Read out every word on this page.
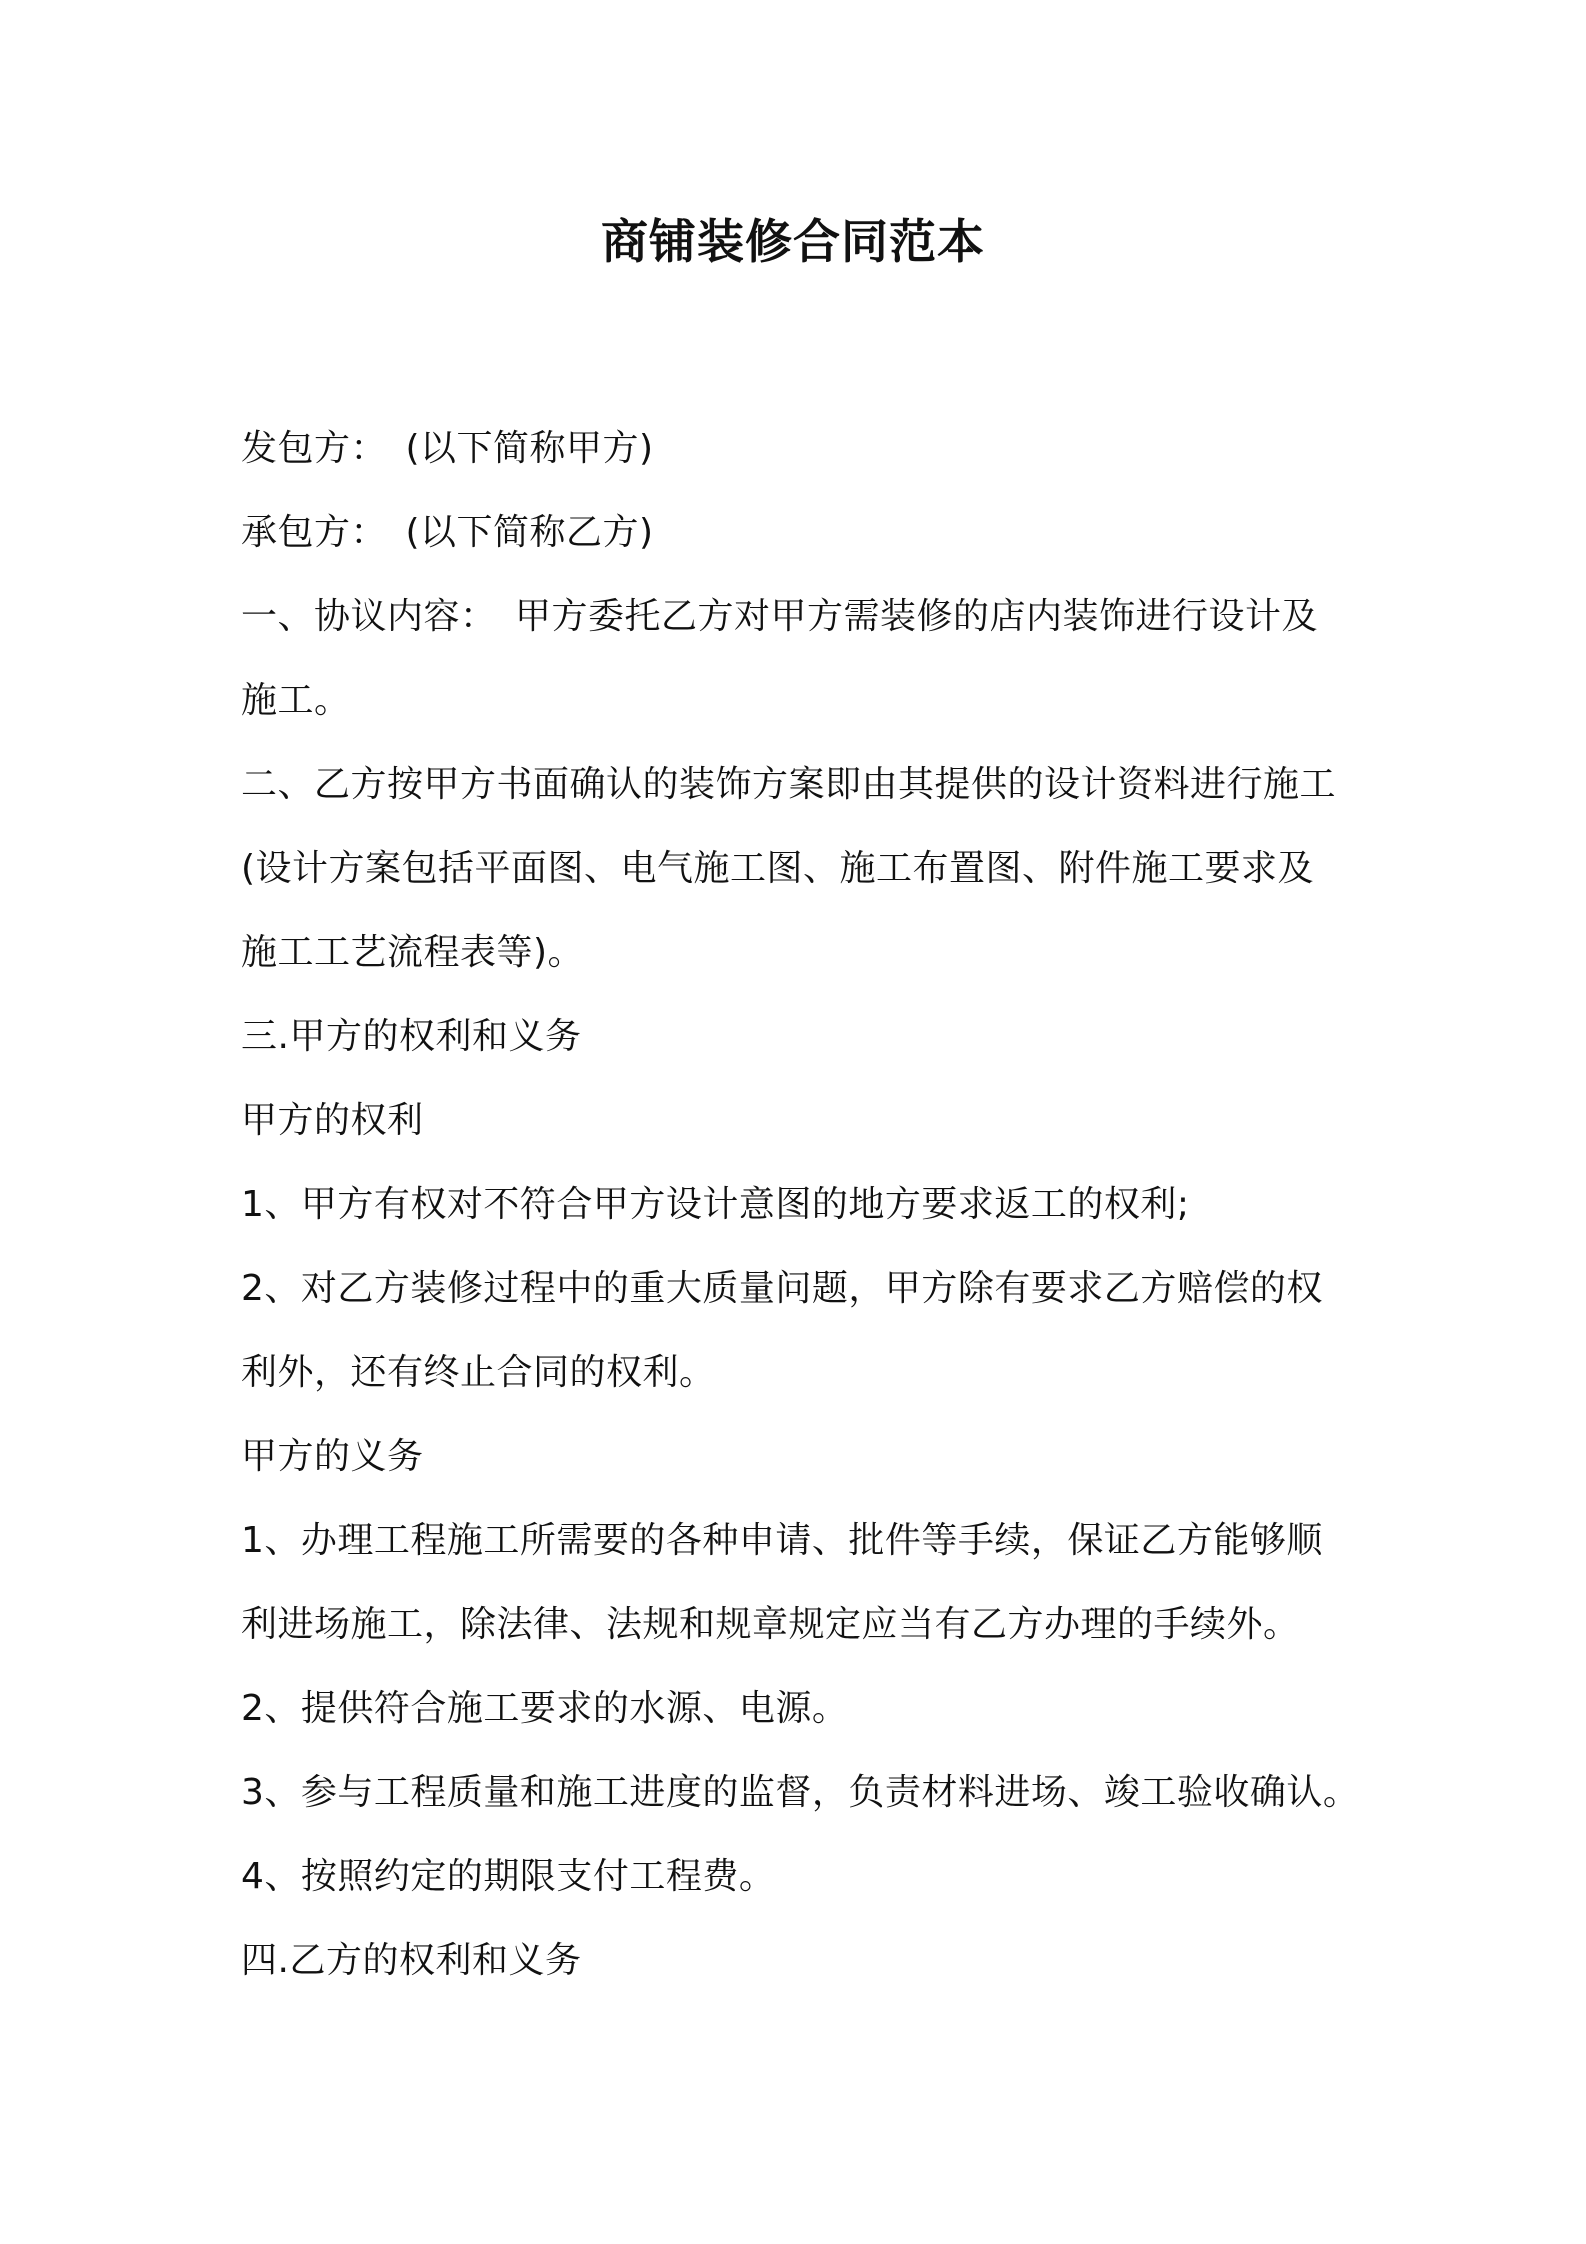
商铺装修合同范本
发包方：　(以下简称甲方)
承包方：　(以下简称乙方)
一、协议内容：　甲方委托乙方对甲方需装修的店内装饰进行设计及
施工。
二、乙方按甲方书面确认的装饰方案即由其提供的设计资料进行施工
(设计方案包括平面图、电气施工图、施工布置图、附件施工要求及
施工工艺流程表等)。
三.甲方的权利和义务
甲方的权利
1、甲方有权对不符合甲方设计意图的地方要求返工的权利;
2、对乙方装修过程中的重大质量问题，甲方除有要求乙方赔偿的权
利外，还有终止合同的权利。
甲方的义务
1、办理工程施工所需要的各种申请、批件等手续，保证乙方能够顺
利进场施工，除法律、法规和规章规定应当有乙方办理的手续外。
2、提供符合施工要求的水源、电源。
3、参与工程质量和施工进度的监督，负责材料进场、竣工验收确认。
4、按照约定的期限支付工程费。
四.乙方的权利和义务
